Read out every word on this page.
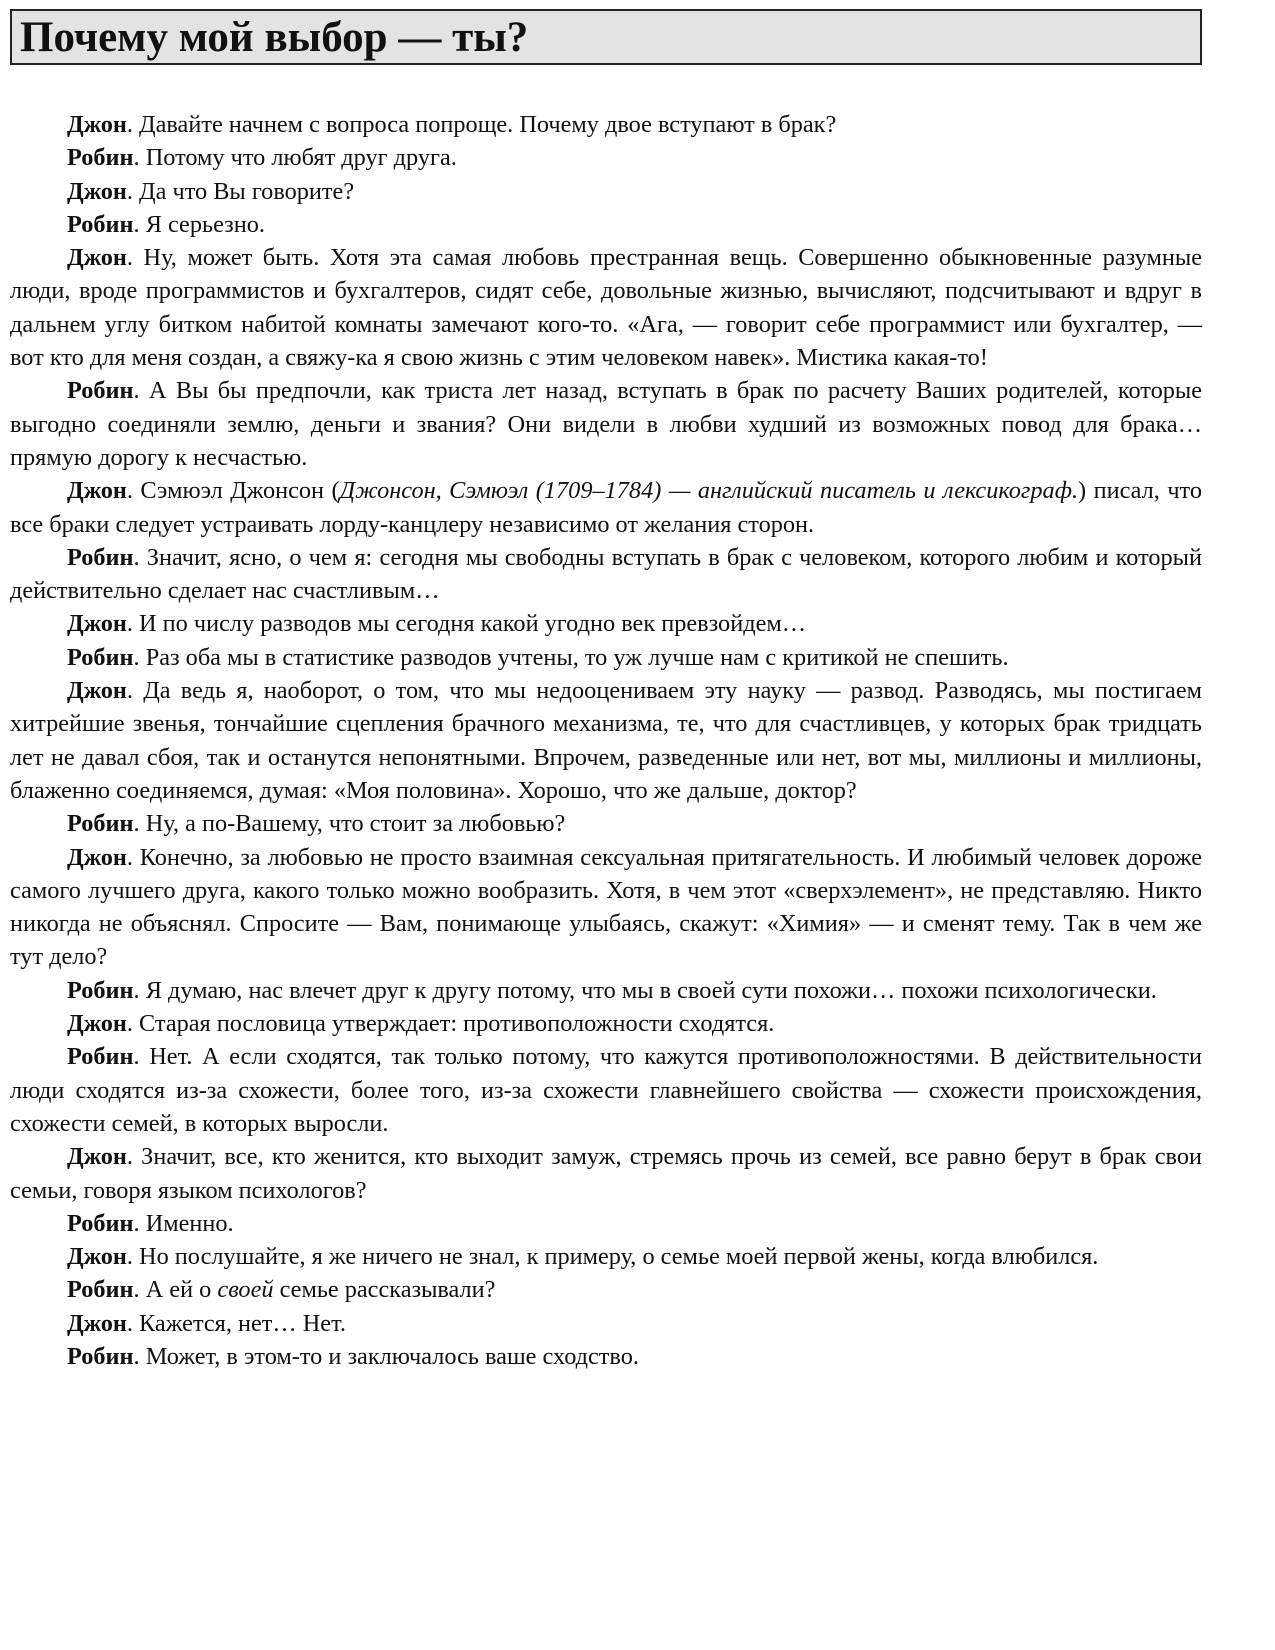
Почему мой выбор — ты?

Джон. Давайте начнем с вопроса попроще. Почему двое вступают в брак?

Робин. Потому что любят друг друга.

Джон. Да что Вы говорите?

Робин. Я серьезно.

Джон. Ну, может быть. Хотя эта самая любовь престранная вещь. Совершенно обыкновенные разумные люди, вроде программистов и бухгалтеров, сидят себе, довольные жизнью, вычисляют, подсчитывают и вдруг в дальнем углу битком набитой комнаты замечают кого-то. «Ага, — говорит себе программист или бухгалтер, — вот кто для меня создан, а свяжу-ка я свою жизнь с этим человеком навек». Мистика какая-то!

Робин. А Вы бы предпочли, как триста лет назад, вступать в брак по расчету Ваших родителей, которые выгодно соединяли землю, деньги и звания? Они видели в любви худший из возможных повод для брака… прямую дорогу к несчастью.

Джон. Сэмюэл Джонсон (Джонсон, Сэмюэл (1709–1784) — английский писатель и лексикограф.) писал, что все браки следует устраивать лорду-канцлеру независимо от желания сторон.

Робин. Значит, ясно, о чем я: сегодня мы свободны вступать в брак с человеком, которого любим и который действительно сделает нас счастливым…

Джон. И по числу разводов мы сегодня какой угодно век превзойдем…

Робин. Раз оба мы в статистике разводов учтены, то уж лучше нам с критикой не спешить.

Джон. Да ведь я, наоборот, о том, что мы недооцениваем эту науку — развод. Разводясь, мы постигаем хитрейшие звенья, тончайшие сцепления брачного механизма, те, что для счастливцев, у которых брак тридцать лет не давал сбоя, так и останутся непонятными. Впрочем, разведенные или нет, вот мы, миллионы и миллионы, блаженно соединяемся, думая: «Моя половина». Хорошо, что же дальше, доктор?

Робин. Ну, а по-Вашему, что стоит за любовью?

Джон. Конечно, за любовью не просто взаимная сексуальная притягательность. И любимый человек дороже самого лучшего друга, какого только можно вообразить. Хотя, в чем этот «сверхэлемент», не представляю. Никто никогда не объяснял. Спросите — Вам, понимающе улыбаясь, скажут: «Химия» — и сменят тему. Так в чем же тут дело?

Робин. Я думаю, нас влечет друг к другу потому, что мы в своей сути похожи… похожи психологически.

Джон. Старая пословица утверждает: противоположности сходятся.

Робин. Нет. А если сходятся, так только потому, что кажутся противоположностями. В действительности люди сходятся из-за схожести, более того, из-за схожести главнейшего свойства — схожести происхождения, схожести семей, в которых выросли.

Джон. Значит, все, кто женится, кто выходит замуж, стремясь прочь из семей, все равно берут в брак свои семьи, говоря языком психологов?

Робин. Именно.

Джон. Но послушайте, я же ничего не знал, к примеру, о семье моей первой жены, когда влюбился.

Робин. А ей о своей семье рассказывали?

Джон. Кажется, нет… Нет.

Робин. Может, в этом-то и заключалось ваше сходство.
